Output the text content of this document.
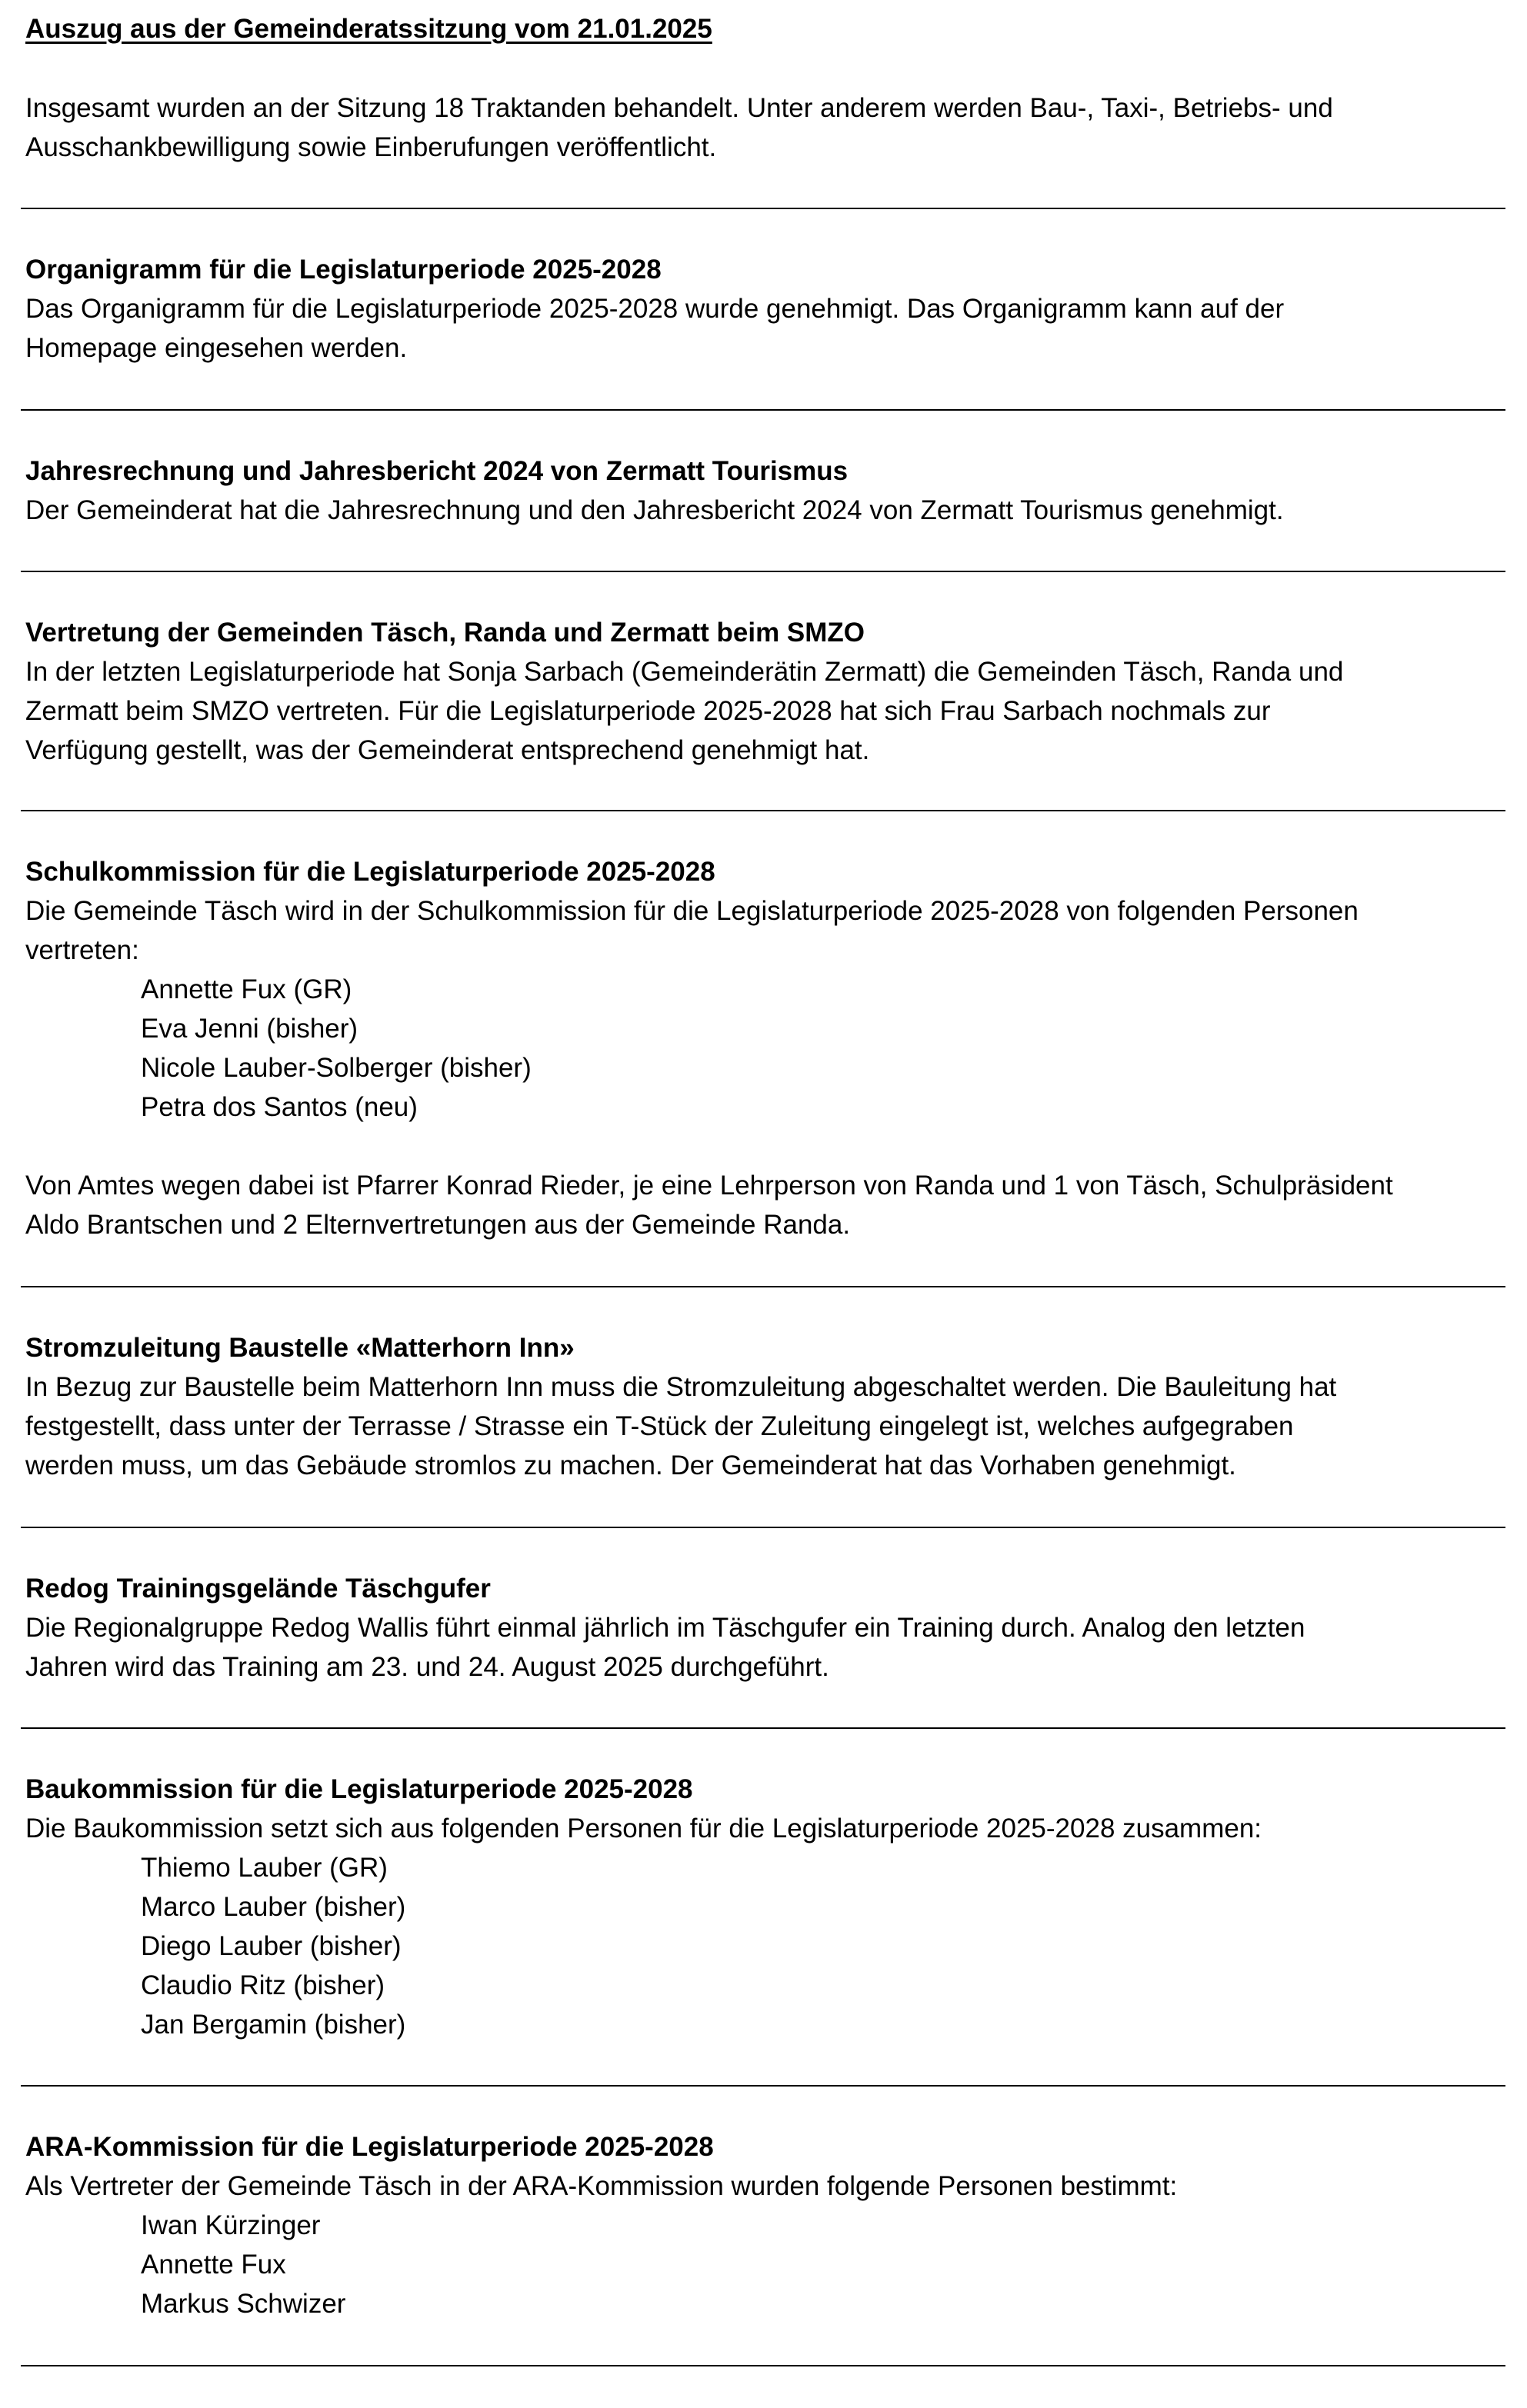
Auszug aus der Gemeinderatssitzung vom 21.01.2025
Insgesamt wurden an der Sitzung 18 Traktanden behandelt. Unter anderem werden Bau-, Taxi-, Betriebs- und
Ausschankbewilligung sowie Einberufungen veröffentlicht.
Organigramm für die Legislaturperiode 2025-2028
Das Organigramm für die Legislaturperiode 2025-2028 wurde genehmigt. Das Organigramm kann auf der
Homepage eingesehen werden.
Jahresrechnung und Jahresbericht 2024 von Zermatt Tourismus
Der Gemeinderat hat die Jahresrechnung und den Jahresbericht 2024 von Zermatt Tourismus genehmigt.
Vertretung der Gemeinden Täsch, Randa und Zermatt beim SMZO
In der letzten Legislaturperiode hat Sonja Sarbach (Gemeinderätin Zermatt) die Gemeinden Täsch, Randa und
Zermatt beim SMZO vertreten. Für die Legislaturperiode 2025-2028 hat sich Frau Sarbach nochmals zur
Verfügung gestellt, was der Gemeinderat entsprechend genehmigt hat.
Schulkommission für die Legislaturperiode 2025-2028
Die Gemeinde Täsch wird in der Schulkommission für die Legislaturperiode 2025-2028 von folgenden Personen
vertreten:
Annette Fux (GR)
Eva Jenni (bisher)
Nicole Lauber-Solberger (bisher)
Petra dos Santos (neu)
Von Amtes wegen dabei ist Pfarrer Konrad Rieder, je eine Lehrperson von Randa und 1 von Täsch, Schulpräsident
Aldo Brantschen und 2 Elternvertretungen aus der Gemeinde Randa.
Stromzuleitung Baustelle «Matterhorn Inn»
In Bezug zur Baustelle beim Matterhorn Inn muss die Stromzuleitung abgeschaltet werden. Die Bauleitung hat
festgestellt, dass unter der Terrasse / Strasse ein T-Stück der Zuleitung eingelegt ist, welches aufgegraben
werden muss, um das Gebäude stromlos zu machen. Der Gemeinderat hat das Vorhaben genehmigt.
Redog Trainingsgelände Täschgufer
Die Regionalgruppe Redog Wallis führt einmal jährlich im Täschgufer ein Training durch. Analog den letzten
Jahren wird das Training am 23. und 24. August 2025 durchgeführt.
Baukommission für die Legislaturperiode 2025-2028
Die Baukommission setzt sich aus folgenden Personen für die Legislaturperiode 2025-2028 zusammen:
Thiemo Lauber (GR)
Marco Lauber (bisher)
Diego Lauber (bisher)
Claudio Ritz (bisher)
Jan Bergamin (bisher)
ARA-Kommission für die Legislaturperiode 2025-2028
Als Vertreter der Gemeinde Täsch in der ARA-Kommission wurden folgende Personen bestimmt:
Iwan Kürzinger
Annette Fux
Markus Schwizer
